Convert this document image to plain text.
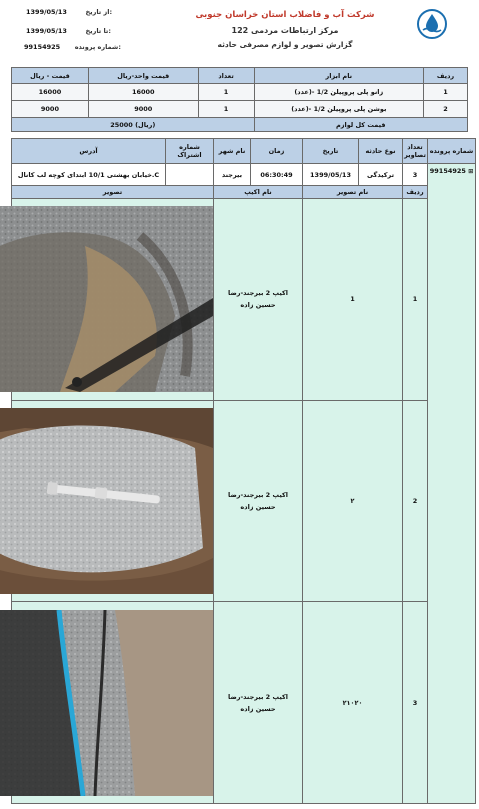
1399/05/13	از تاریخ:
1399/05/13	تا تاریخ:
99154925 شماره پرونده:
شرکت آب و فاضلاب استان خراسان جنوبی
مرکز ارتباطات مردمی 122
گزارش تصویر و لوازم مصرفی حادثه
ردیف	نام ابزار	تعداد	قیمت واحد-ریال	قیمت - ریال
1	زانو پلی پروپیلن 1/2 -(عدد)	1	16000	16000
2	بوشن پلی پروپیلن 1/2 -(عدد)	1	9000	9000
قیمت کل لوازم		(ریال) 25000		
شماره پرونده	تعداد تصاویر	نوع حادثه	تاریخ	زمان	نام شهر	شماره اشتراک	آدرس
⊞ 99154925	3	ترکیدگی	1399/05/13	06:30:49	بیرجند		C.خیابان بهشتی 10/1 ابتدای کوچه لب کانال
	ردیف	نام تصویر		نام اکیپ		تصویر	
	1	1		اکیپ 2 بیرجند-رضا حسین زاده

	2	۲		اکیپ 2 بیرجند-رضا حسین زاده

	3	۲۱۰۲۰		اکیپ 2 بیرجند-رضا حسین زاده
